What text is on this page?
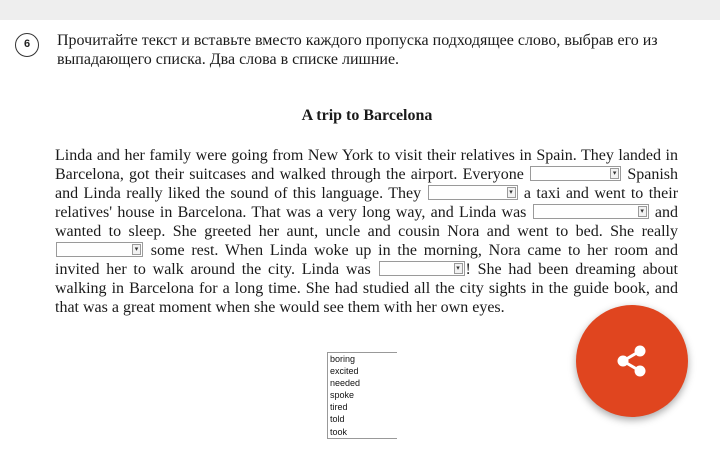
6	Прочитайте текст и вставьте вместо каждого пропуска подходящее слово, выбрав его из выпадающего списка. Два слова в списке лишние.

A trip to Barcelona

Linda and her family were going from New York to visit their relatives in Spain. They landed in Barcelona, got their suitcases and walked through the airport. Everyone	▾ Spanish and Linda really liked the sound of this language. They	▾ a taxi and went to their relatives' house in Barcelona. That was a very long way, and Linda was	▾ and wanted to sleep. She greeted her aunt, uncle and cousin Nora and went to bed. She really
▾ some rest. When Linda woke up in the morning, Nora came to her room and invited her to walk around the city. Linda was	▾ ! She had been dreaming about walking in Barcelona for a long time. She had studied all the city sights in the guide book, and that was a great moment when she would see them with her own eyes.

boring
excited
needed
spoke
tired
told
took
